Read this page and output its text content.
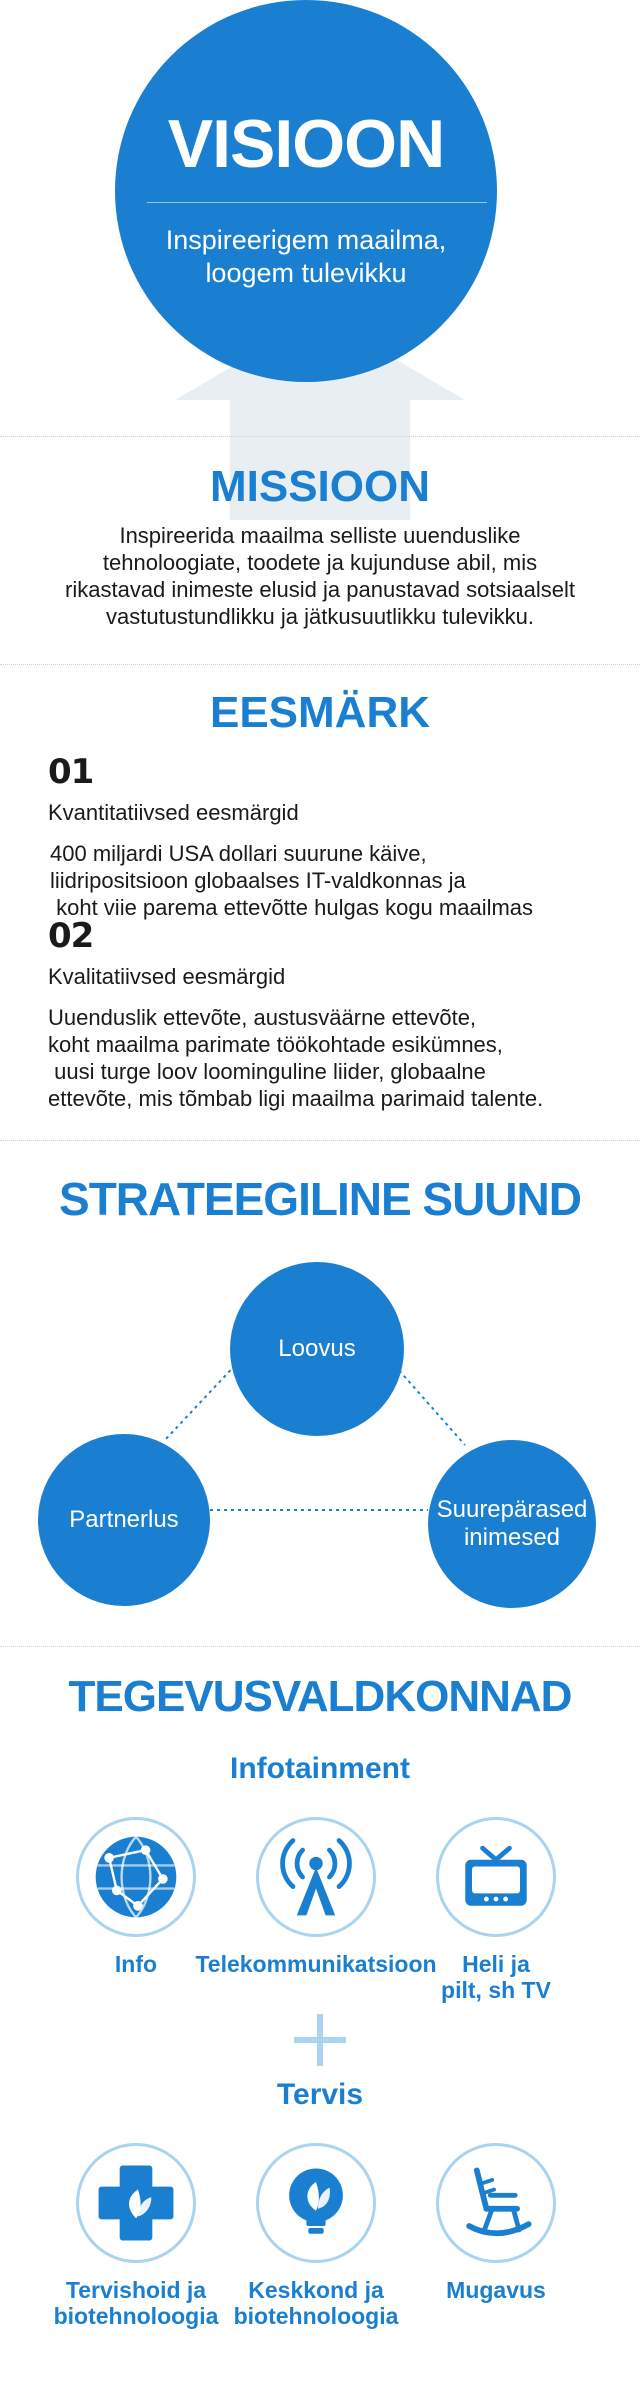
VISIOON
Inspireerigem maailma,
loogem tulevikku
MISSIOON
Inspireerida maailma selliste uuenduslike
tehnoloogiate, toodete ja kujunduse abil, mis
rikastavad inimeste elusid ja panustavad sotsiaalselt
vastutustundlikku ja jätkusuutlikku tulevikku.
EESMÄRK
01
Kvantitatiivsed eesmärgid
400 miljardi USA dollari suurune käive,
liidripositsioon globaalses IT-valdkonnas ja
koht viie parema ettevõtte hulgas kogu maailmas
02
Kvalitatiivsed eesmärgid
Uuenduslik ettevõte, austusväärne ettevõte,
koht maailma parimate töökohtade esikümnes,
uusi turge loov loominguline liider, globaalne
ettevõte, mis tõmbab ligi maailma parimaid talente.
STRATEEGILINE SUUND
Loovus
Partnerlus	Suurepärased
inimesed
TEGEVUSVALDKONNAD
Infotainment
Info	Telekommunikatsioon	Heli ja
pilt, sh TV
Tervis
Tervishoid ja
biotehnoloogia
Keskkond ja
biotehnoloogia
Mugavus
